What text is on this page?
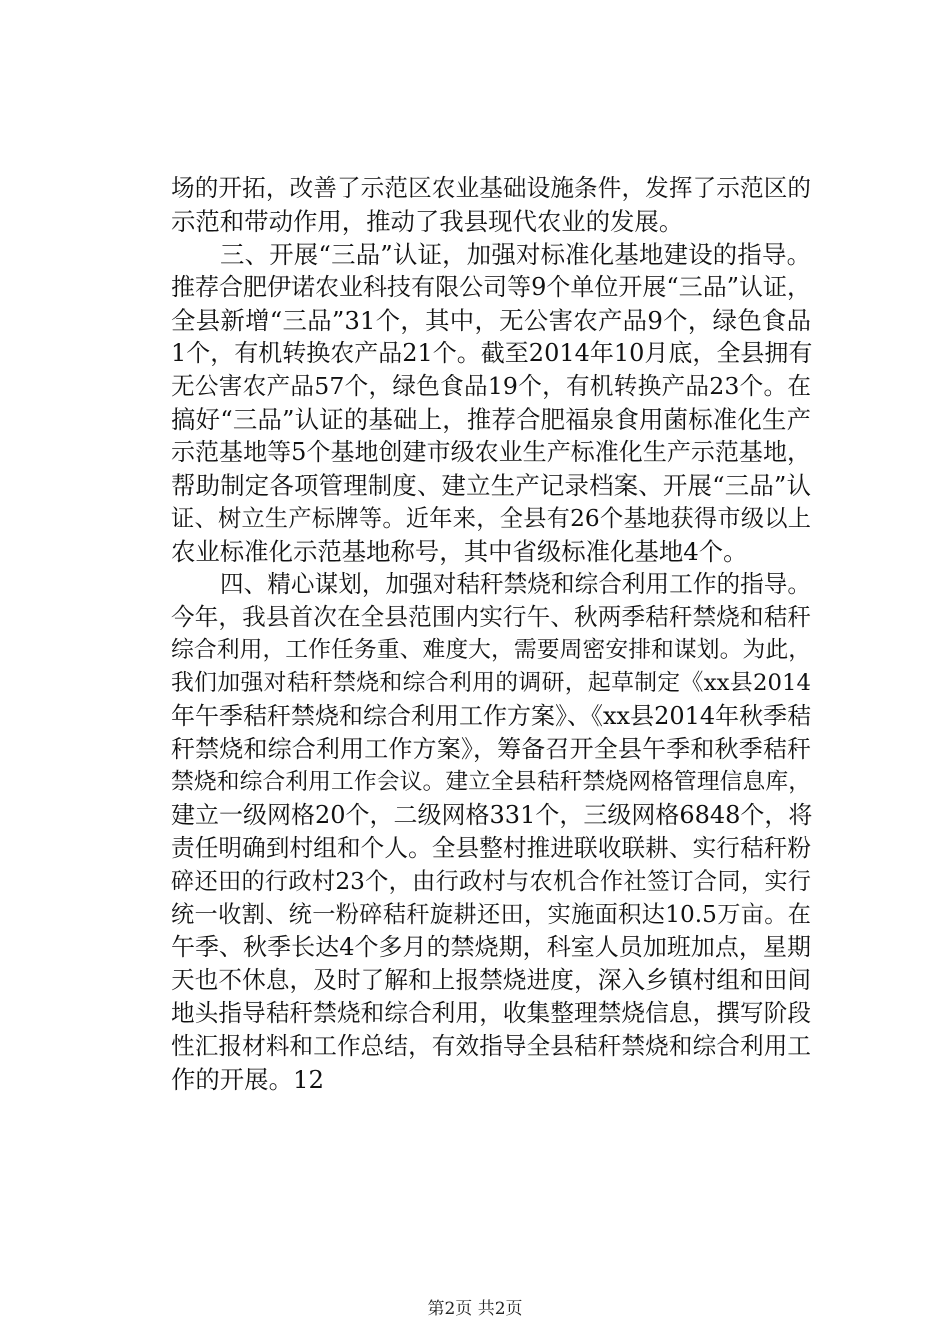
场的开拓，改善了示范区农业基础设施条件，发挥了示范区的
示范和带动作用，推动了我县现代农业的发展。
三、开展“三品”认证，加强对标准化基地建设的指导。
推荐合肥伊诺农业科技有限公司等9个单位开展“三品”认证，
全县新增“三品”31个，其中，无公害农产品9个，绿色食品
1个，有机转换农产品21个。截至2014年10月底，全县拥有
无公害农产品57个，绿色食品19个，有机转换产品23个。在
搞好“三品”认证的基础上，推荐合肥福泉食用菌标准化生产
示范基地等5个基地创建市级农业生产标准化生产示范基地，
帮助制定各项管理制度、建立生产记录档案、开展“三品”认
证、树立生产标牌等。近年来，全县有26个基地获得市级以上
农业标准化示范基地称号，其中省级标准化基地4个。
四、精心谋划，加强对秸秆禁烧和综合利用工作的指导。
今年，我县首次在全县范围内实行午、秋两季秸秆禁烧和秸秆
综合利用，工作任务重、难度大，需要周密安排和谋划。为此，
我们加强对秸秆禁烧和综合利用的调研，起草制定《xx县2014
年午季秸秆禁烧和综合利用工作方案》、《xx县2014年秋季秸
秆禁烧和综合利用工作方案》，筹备召开全县午季和秋季秸秆
禁烧和综合利用工作会议。建立全县秸秆禁烧网格管理信息库，
建立一级网格20个，二级网格331个，三级网格6848个，将
责任明确到村组和个人。全县整村推进联收联耕、实行秸秆粉
碎还田的行政村23个，由行政村与农机合作社签订合同，实行
统一收割、统一粉碎秸秆旋耕还田，实施面积达10.5万亩。在
午季、秋季长达4个多月的禁烧期，科室人员加班加点，星期
天也不休息，及时了解和上报禁烧进度，深入乡镇村组和田间
地头指导秸秆禁烧和综合利用，收集整理禁烧信息，撰写阶段
性汇报材料和工作总结，有效指导全县秸秆禁烧和综合利用工
作的开展。12
第2页 共2页
